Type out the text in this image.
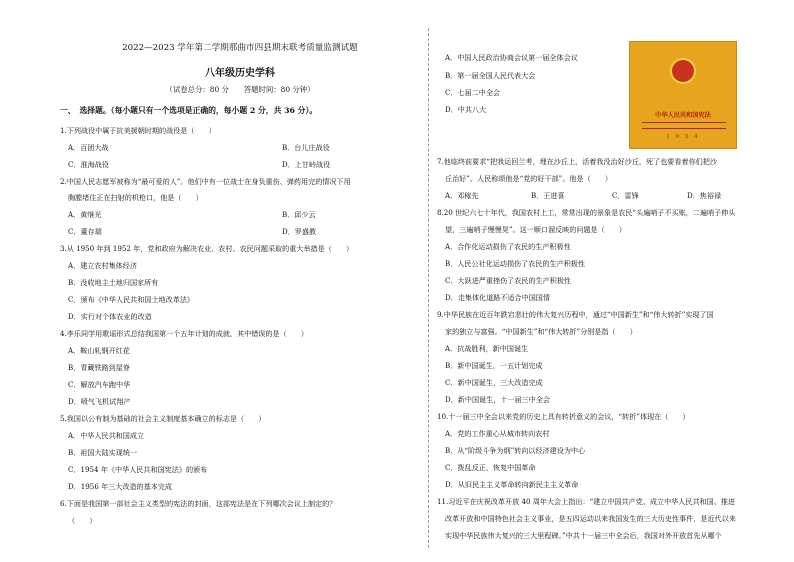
2022—2023 学年第二学期那曲市四县期末联考质量监测试题
八年级历史学科
（试卷总分：80 分　　答题时间：80 分钟）
一、　选择题。（每小题只有一个选项是正确的，每小题 2 分，共 36 分）。
1.下列战役中属于抗美援朝时期的战役是（　　）
A．百团大战	B．台儿庄战役
C．淮海战役	D．上甘岭战役
2.中国人民志愿军被称为“最可爱的人”。他们中有一位战士在身负重伤、弹药用完的情况下用
胸膛堵住正在扫射的机枪口，他是（　　）
A．黄继光	B．邱少云
C．董存瑞	D．罗盛教
3.从 1950 年到 1952 年，党和政府为解决农业、农村、农民问题采取的重大举措是（　　）
A．建立农村集体经济
B．没收地主土地归国家所有
C．颁布《中华人民共和国土地改革法》
D．实行对个体农业的改造
4.李乐同学用歌谣形式总结我国第一个五年计划的成就，其中错误的是（　　）
A．鞍山轧钢开红花
B．青藏铁路到屋脊
C．解放汽车跑中华
D．喷气飞机试翔产
5.我国以公有制为基础的社会主义制度基本确立的标志是（　　）
A．中华人民共和国成立
B．祖国大陆实现统一
C．1954 年《中华人民共和国宪法》的颁布
D．1956 年三大改造的基本完成
6.下面是我国第一部社会主义类型的宪法的封面，这部宪法是在下列哪次会议上制定的？
（　　）
A．中国人民政治协商会议第一届全体会议
B．第一届全国人民代表大会
C．七届二中全会
D．中共八大
7.他临终前要求“把我运回兰考，埋在沙丘上，活着我没治好沙丘，死了也要看着你们把沙
丘治好”。人民称颂他是“党的好干部”。他是（　　）
A．邓稼先	B．王进喜	C．雷锋	D．焦裕禄
8.20 世纪六七十年代，我国农村上工，常常出现的景象是农民“头遍哨子不买账，二遍哨子伸头
望，三遍哨子慢慢晃”。这一顺口溜反映的问题是（　　）
A．合作化运动损伤了农民的生产积极性
B．人民公社化运动损伤了农民的生产积极性
C．大跃进严重挫伤了农民的生产积极性
D．走集体化道路不适合中国国情
9.中华民族在近百年跌宕悲壮的伟大复兴历程中，通过“中国新生”和“伟大转折”实现了国
家的独立与富强。“中国新生”和“伟大转折”分别是指（　　）
A．抗战胜利，新中国诞生
B．新中国诞生，一五计划完成
C．新中国诞生，三大改造完成
D．新中国诞生，十一届三中全会
10.十一届三中全会以来党的历史上具有转折意义的会议，“转折”体现在（　　）
A．党的工作重心从城市转向农村
B．从“阶级斗争为纲”转向以经济建设为中心
C．拨乱反正，恢复中国革命
D．从旧民主主义革命转向新民主主义革命
11.习近平在庆祝改革开放 40 周年大会上指出：“建立中国共产党、成立中华人民共和国、推进
改革开放和中国特色社会主义事业，是五四运动以来我国发生的三大历史性事件，是近代以来
实现中华民族伟大复兴的三大里程碑。”中共十一届三中全会后，我国对外开放首先从哪个
中华人民共和国宪法
1 9 5 4
